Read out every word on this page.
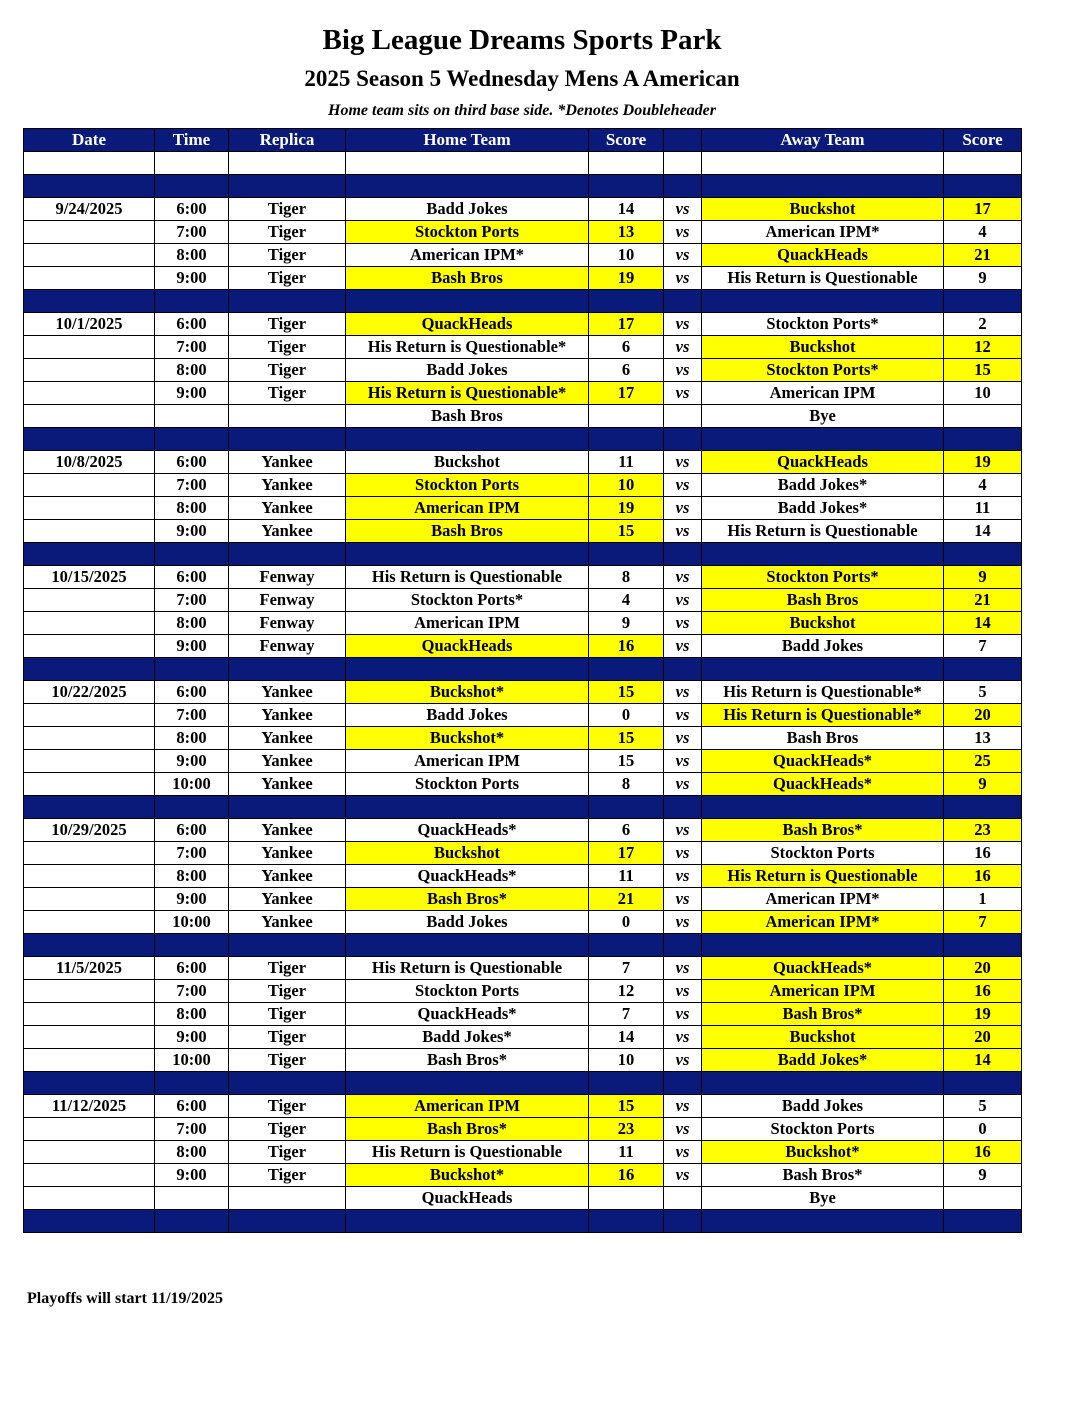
Big League Dreams Sports Park
2025 Season 5 Wednesday Mens A American
Home team sits on third base side. *Denotes Doubleheader
Date	Time	Replica	Home Team	Score		Away Team	Score

9/24/2025	6:00	Tiger	Badd Jokes	14	vs	Buckshot	17
	7:00	Tiger	Stockton Ports	13	vs	American IPM*	4
	8:00	Tiger	American IPM*	10	vs	QuackHeads	21
	9:00	Tiger	Bash Bros	19	vs	His Return is Questionable	9

10/1/2025	6:00	Tiger	QuackHeads	17	vs	Stockton Ports*	2
	7:00	Tiger	His Return is Questionable*	6	vs	Buckshot	12
	8:00	Tiger	Badd Jokes	6	vs	Stockton Ports*	15
	9:00	Tiger	His Return is Questionable*	17	vs	American IPM	10
			Bash Bros			Bye	

10/8/2025	6:00	Yankee	Buckshot	11	vs	QuackHeads	19
	7:00	Yankee	Stockton Ports	10	vs	Badd Jokes*	4
	8:00	Yankee	American IPM	19	vs	Badd Jokes*	11
	9:00	Yankee	Bash Bros	15	vs	His Return is Questionable	14

10/15/2025	6:00	Fenway	His Return is Questionable	8	vs	Stockton Ports*	9
	7:00	Fenway	Stockton Ports*	4	vs	Bash Bros	21
	8:00	Fenway	American IPM	9	vs	Buckshot	14
	9:00	Fenway	QuackHeads	16	vs	Badd Jokes	7

10/22/2025	6:00	Yankee	Buckshot*	15	vs	His Return is Questionable*	5
	7:00	Yankee	Badd Jokes	0	vs	His Return is Questionable*	20
	8:00	Yankee	Buckshot*	15	vs	Bash Bros	13
	9:00	Yankee	American IPM	15	vs	QuackHeads*	25
	10:00	Yankee	Stockton Ports	8	vs	QuackHeads*	9

10/29/2025	6:00	Yankee	QuackHeads*	6	vs	Bash Bros*	23
	7:00	Yankee	Buckshot	17	vs	Stockton Ports	16
	8:00	Yankee	QuackHeads*	11	vs	His Return is Questionable	16
	9:00	Yankee	Bash Bros*	21	vs	American IPM*	1
	10:00	Yankee	Badd Jokes	0	vs	American IPM*	7

11/5/2025	6:00	Tiger	His Return is Questionable	7	vs	QuackHeads*	20
	7:00	Tiger	Stockton Ports	12	vs	American IPM	16
	8:00	Tiger	QuackHeads*	7	vs	Bash Bros*	19
	9:00	Tiger	Badd Jokes*	14	vs	Buckshot	20
	10:00	Tiger	Bash Bros*	10	vs	Badd Jokes*	14

11/12/2025	6:00	Tiger	American IPM	15	vs	Badd Jokes	5
	7:00	Tiger	Bash Bros*	23	vs	Stockton Ports	0
	8:00	Tiger	His Return is Questionable	11	vs	Buckshot*	16
	9:00	Tiger	Buckshot*	16	vs	Bash Bros*	9
			QuackHeads			Bye	

Playoffs will start 11/19/2025
